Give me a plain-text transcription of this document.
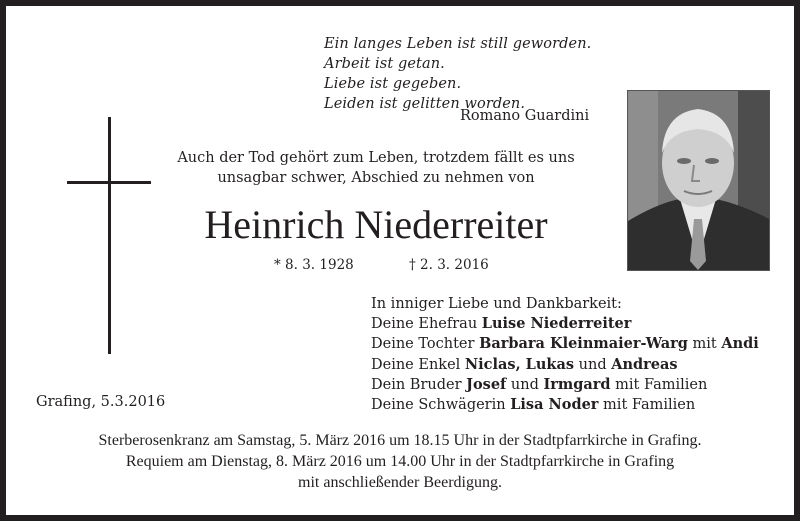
Ein langes Leben ist still geworden.
Arbeit ist getan.
Liebe ist gegeben.
Leiden ist gelitten worden.
Romano Guardini
Auch der Tod gehört zum Leben, trotzdem fällt es uns
unsagbar schwer, Abschied zu nehmen von
Heinrich Niederreiter
* 8. 3. 1928	† 2. 3. 2016
In inniger Liebe und Dankbarkeit:
Deine Ehefrau Luise Niederreiter
Deine Tochter Barbara Kleinmaier-Warg mit Andi
Deine Enkel Niclas, Lukas und Andreas
Dein Bruder Josef und Irmgard mit Familien
Deine Schwägerin Lisa Noder mit Familien
Grafing, 5.3.2016
Sterberosenkranz am Samstag, 5. März 2016 um 18.15 Uhr in der Stadtpfarrkirche in Grafing.
Requiem am Dienstag, 8. März 2016 um 14.00 Uhr in der Stadtpfarrkirche in Grafing
mit anschließender Beerdigung.
